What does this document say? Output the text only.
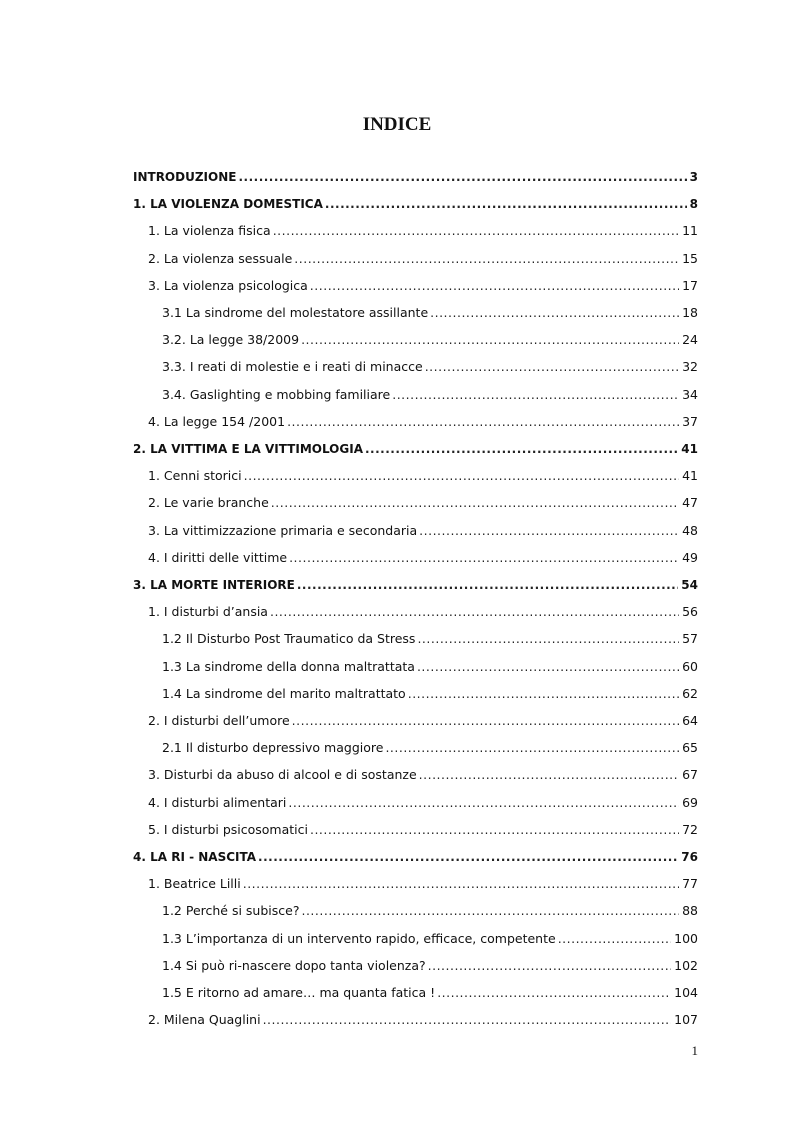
INDICE
INTRODUZIONE .....	3
1. LA VIOLENZA DOMESTICA .....	8
1. La violenza fisica .....	11
2. La violenza sessuale .....	15
3. La violenza psicologica .....	17
3.1 La sindrome del molestatore assillante .....	18
3.2. La legge 38/2009 .....	24
3.3. I reati di molestie e i reati di minacce .....	32
3.4. Gaslighting e mobbing familiare .....	34
4. La legge 154 /2001 .....	37
2. LA VITTIMA E LA VITTIMOLOGIA .....	41
1. Cenni storici .....	41
2. Le varie branche .....	47
3. La vittimizzazione primaria e secondaria .....	48
4. I diritti delle vittime .....	49
3. LA MORTE INTERIORE .....	54
1. I disturbi d’ansia .....	56
1.2 Il Disturbo Post Traumatico da Stress .....	57
1.3 La sindrome della donna maltrattata .....	60
1.4 La sindrome del marito maltrattato .....	62
2. I disturbi dell’umore .....	64
2.1 Il disturbo depressivo maggiore .....	65
3. Disturbi da abuso di alcool e di sostanze .....	67
4. I disturbi alimentari .....	69
5. I disturbi psicosomatici .....	72
4. LA RI - NASCITA .....	76
1. Beatrice Lilli .....	77
1.2 Perché si subisce? .....	88
1.3 L’importanza di un intervento rapido, efficace, competente .....	100
1.4 Si può ri-nascere dopo tanta violenza? .....	102
1.5 E ritorno ad amare… ma quanta fatica ! .....	104
2. Milena Quaglini .....	107
1
